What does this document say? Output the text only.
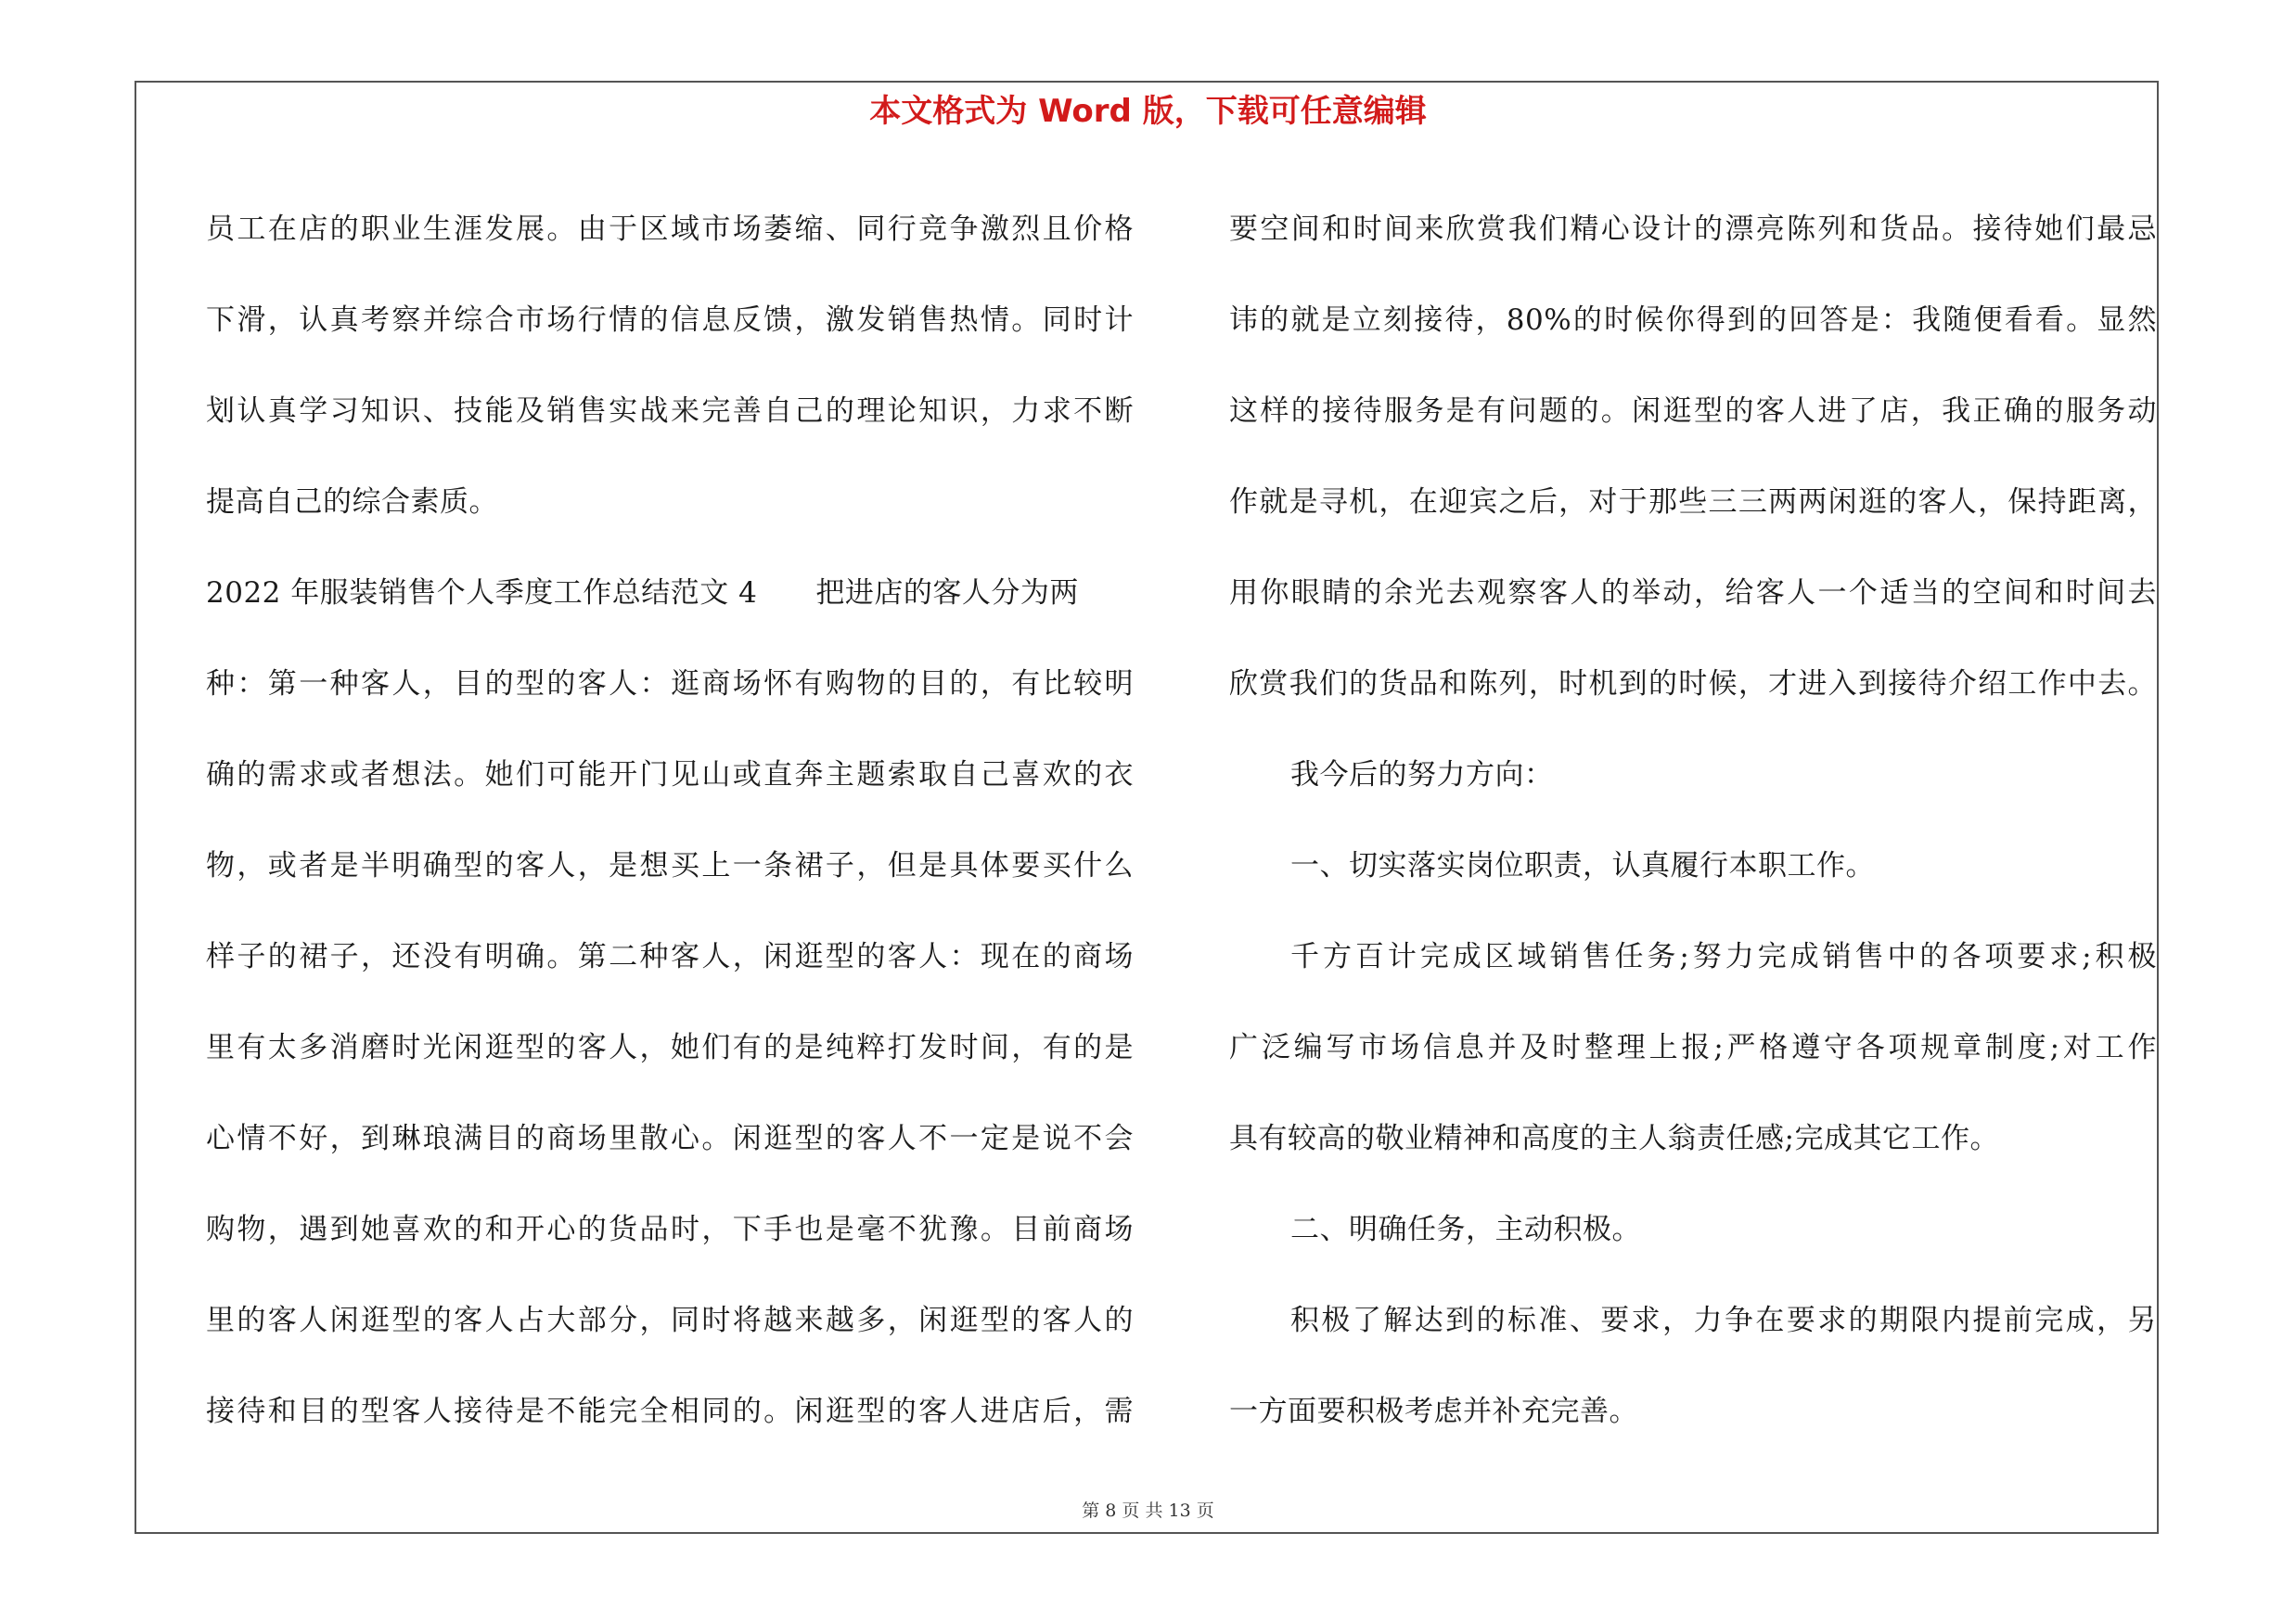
本文格式为 Word 版，下载可任意编辑
员工在店的职业生涯发展。由于区域市场萎缩、同行竞争激烈且价格
下滑，认真考察并综合市场行情的信息反馈，激发销售热情。同时计
划认真学习知识、技能及销售实战来完善自己的理论知识，力求不断
提高自己的综合素质。
2022 年服装销售个人季度工作总结范文 4　　把进店的客人分为两
种：第一种客人，目的型的客人：逛商场怀有购物的目的，有比较明
确的需求或者想法。她们可能开门见山或直奔主题索取自己喜欢的衣
物，或者是半明确型的客人，是想买上一条裙子，但是具体要买什么
样子的裙子，还没有明确。第二种客人，闲逛型的客人：现在的商场
里有太多消磨时光闲逛型的客人，她们有的是纯粹打发时间，有的是
心情不好，到琳琅满目的商场里散心。闲逛型的客人不一定是说不会
购物，遇到她喜欢的和开心的货品时，下手也是毫不犹豫。目前商场
里的客人闲逛型的客人占大部分，同时将越来越多，闲逛型的客人的
接待和目的型客人接待是不能完全相同的。闲逛型的客人进店后，需
要空间和时间来欣赏我们精心设计的漂亮陈列和货品。接待她们最忌
讳的就是立刻接待，80%的时候你得到的回答是：我随便看看。显然
这样的接待服务是有问题的。闲逛型的客人进了店，我正确的服务动
作就是寻机，在迎宾之后，对于那些三三两两闲逛的客人，保持距离，
用你眼睛的余光去观察客人的举动，给客人一个适当的空间和时间去
欣赏我们的货品和陈列，时机到的时候，才进入到接待介绍工作中去。
我今后的努力方向：
一、切实落实岗位职责，认真履行本职工作。
千方百计完成区域销售任务;努力完成销售中的各项要求;积极
广泛编写市场信息并及时整理上报;严格遵守各项规章制度;对工作
具有较高的敬业精神和高度的主人翁责任感;完成其它工作。
二、明确任务，主动积极。
积极了解达到的标准、要求，力争在要求的期限内提前完成，另
一方面要积极考虑并补充完善。
第 8 页 共 13 页
